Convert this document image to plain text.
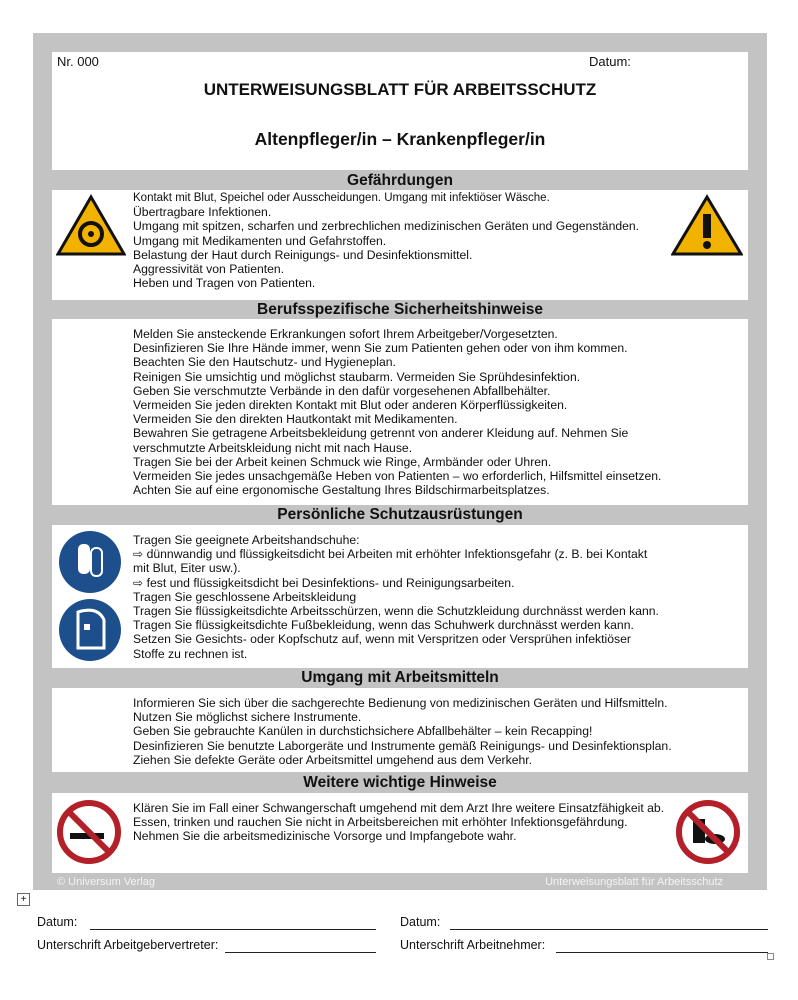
Nr. 000	Datum:
UNTERWEISUNGSBLATT FÜR ARBEITSSCHUTZ
Altenpfleger/in – Krankenpfleger/in
Gefährdungen
Kontakt mit Blut, Speichel oder Ausscheidungen. Umgang mit infektiöser Wäsche.
Übertragbare Infektionen.
Umgang mit spitzen, scharfen und zerbrechlichen medizinischen Geräten und Gegenständen.
Umgang mit Medikamenten und Gefahrstoffen.
Belastung der Haut durch Reinigungs- und Desinfektionsmittel.
Aggressivität von Patienten.
Heben und Tragen von Patienten.
Berufsspezifische Sicherheitshinweise
Melden Sie ansteckende Erkrankungen sofort Ihrem Arbeitgeber/Vorgesetzten.
Desinfizieren Sie Ihre Hände immer, wenn Sie zum Patienten gehen oder von ihm kommen.
Beachten Sie den Hautschutz- und Hygieneplan.
Reinigen Sie umsichtig und möglichst staubarm. Vermeiden Sie Sprühdesinfektion.
Geben Sie verschmutzte Verbände in den dafür vorgesehenen Abfallbehälter.
Vermeiden Sie jeden direkten Kontakt mit Blut oder anderen Körperflüssigkeiten.
Vermeiden Sie den direkten Hautkontakt mit Medikamenten.
Bewahren Sie getragene Arbeitsbekleidung getrennt von anderer Kleidung auf. Nehmen Sie
verschmutzte Arbeitskleidung nicht mit nach Hause.
Tragen Sie bei der Arbeit keinen Schmuck wie Ringe, Armbänder oder Uhren.
Vermeiden Sie jedes unsachgemäße Heben von Patienten – wo erforderlich, Hilfsmittel einsetzen.
Achten Sie auf eine ergonomische Gestaltung Ihres Bildschirmarbeitsplatzes.
Persönliche Schutzausrüstungen
Tragen Sie geeignete Arbeitshandschuhe:
⇨ dünnwandig und flüssigkeitsdicht bei Arbeiten mit erhöhter Infektionsgefahr (z. B. bei Kontakt
mit Blut, Eiter usw.).
⇨ fest und flüssigkeitsdicht bei Desinfektions- und Reinigungsarbeiten.
Tragen Sie geschlossene Arbeitskleidung
Tragen Sie flüssigkeitsdichte Arbeitsschürzen, wenn die Schutzkleidung durchnässt werden kann.
Tragen Sie flüssigkeitsdichte Fußbekleidung, wenn das Schuhwerk durchnässt werden kann.
Setzen Sie Gesichts- oder Kopfschutz auf, wenn mit Verspritzen oder Versprühen infektiöser
Stoffe zu rechnen ist.
Umgang mit Arbeitsmitteln
Informieren Sie sich über die sachgerechte Bedienung von medizinischen Geräten und Hilfsmitteln.
Nutzen Sie möglichst sichere Instrumente.
Geben Sie gebrauchte Kanülen in durchstichsichere Abfallbehälter – kein Recapping!
Desinfizieren Sie benutzte Laborgeräte und Instrumente gemäß Reinigungs- und Desinfektionsplan.
Ziehen Sie defekte Geräte oder Arbeitsmittel umgehend aus dem Verkehr.
Weitere wichtige Hinweise
Klären Sie im Fall einer Schwangerschaft umgehend mit dem Arzt Ihre weitere Einsatzfähigkeit ab.
Essen, trinken und rauchen Sie nicht in Arbeitsbereichen mit erhöhter Infektionsgefährdung.
Nehmen Sie die arbeitsmedizinische Vorsorge und Impfangebote wahr.
© Universum Verlag	Unterweisungsblatt für Arbeitsschutz
+
Datum:	Datum:
Unterschrift Arbeitgebervertreter:	Unterschrift Arbeitnehmer:
